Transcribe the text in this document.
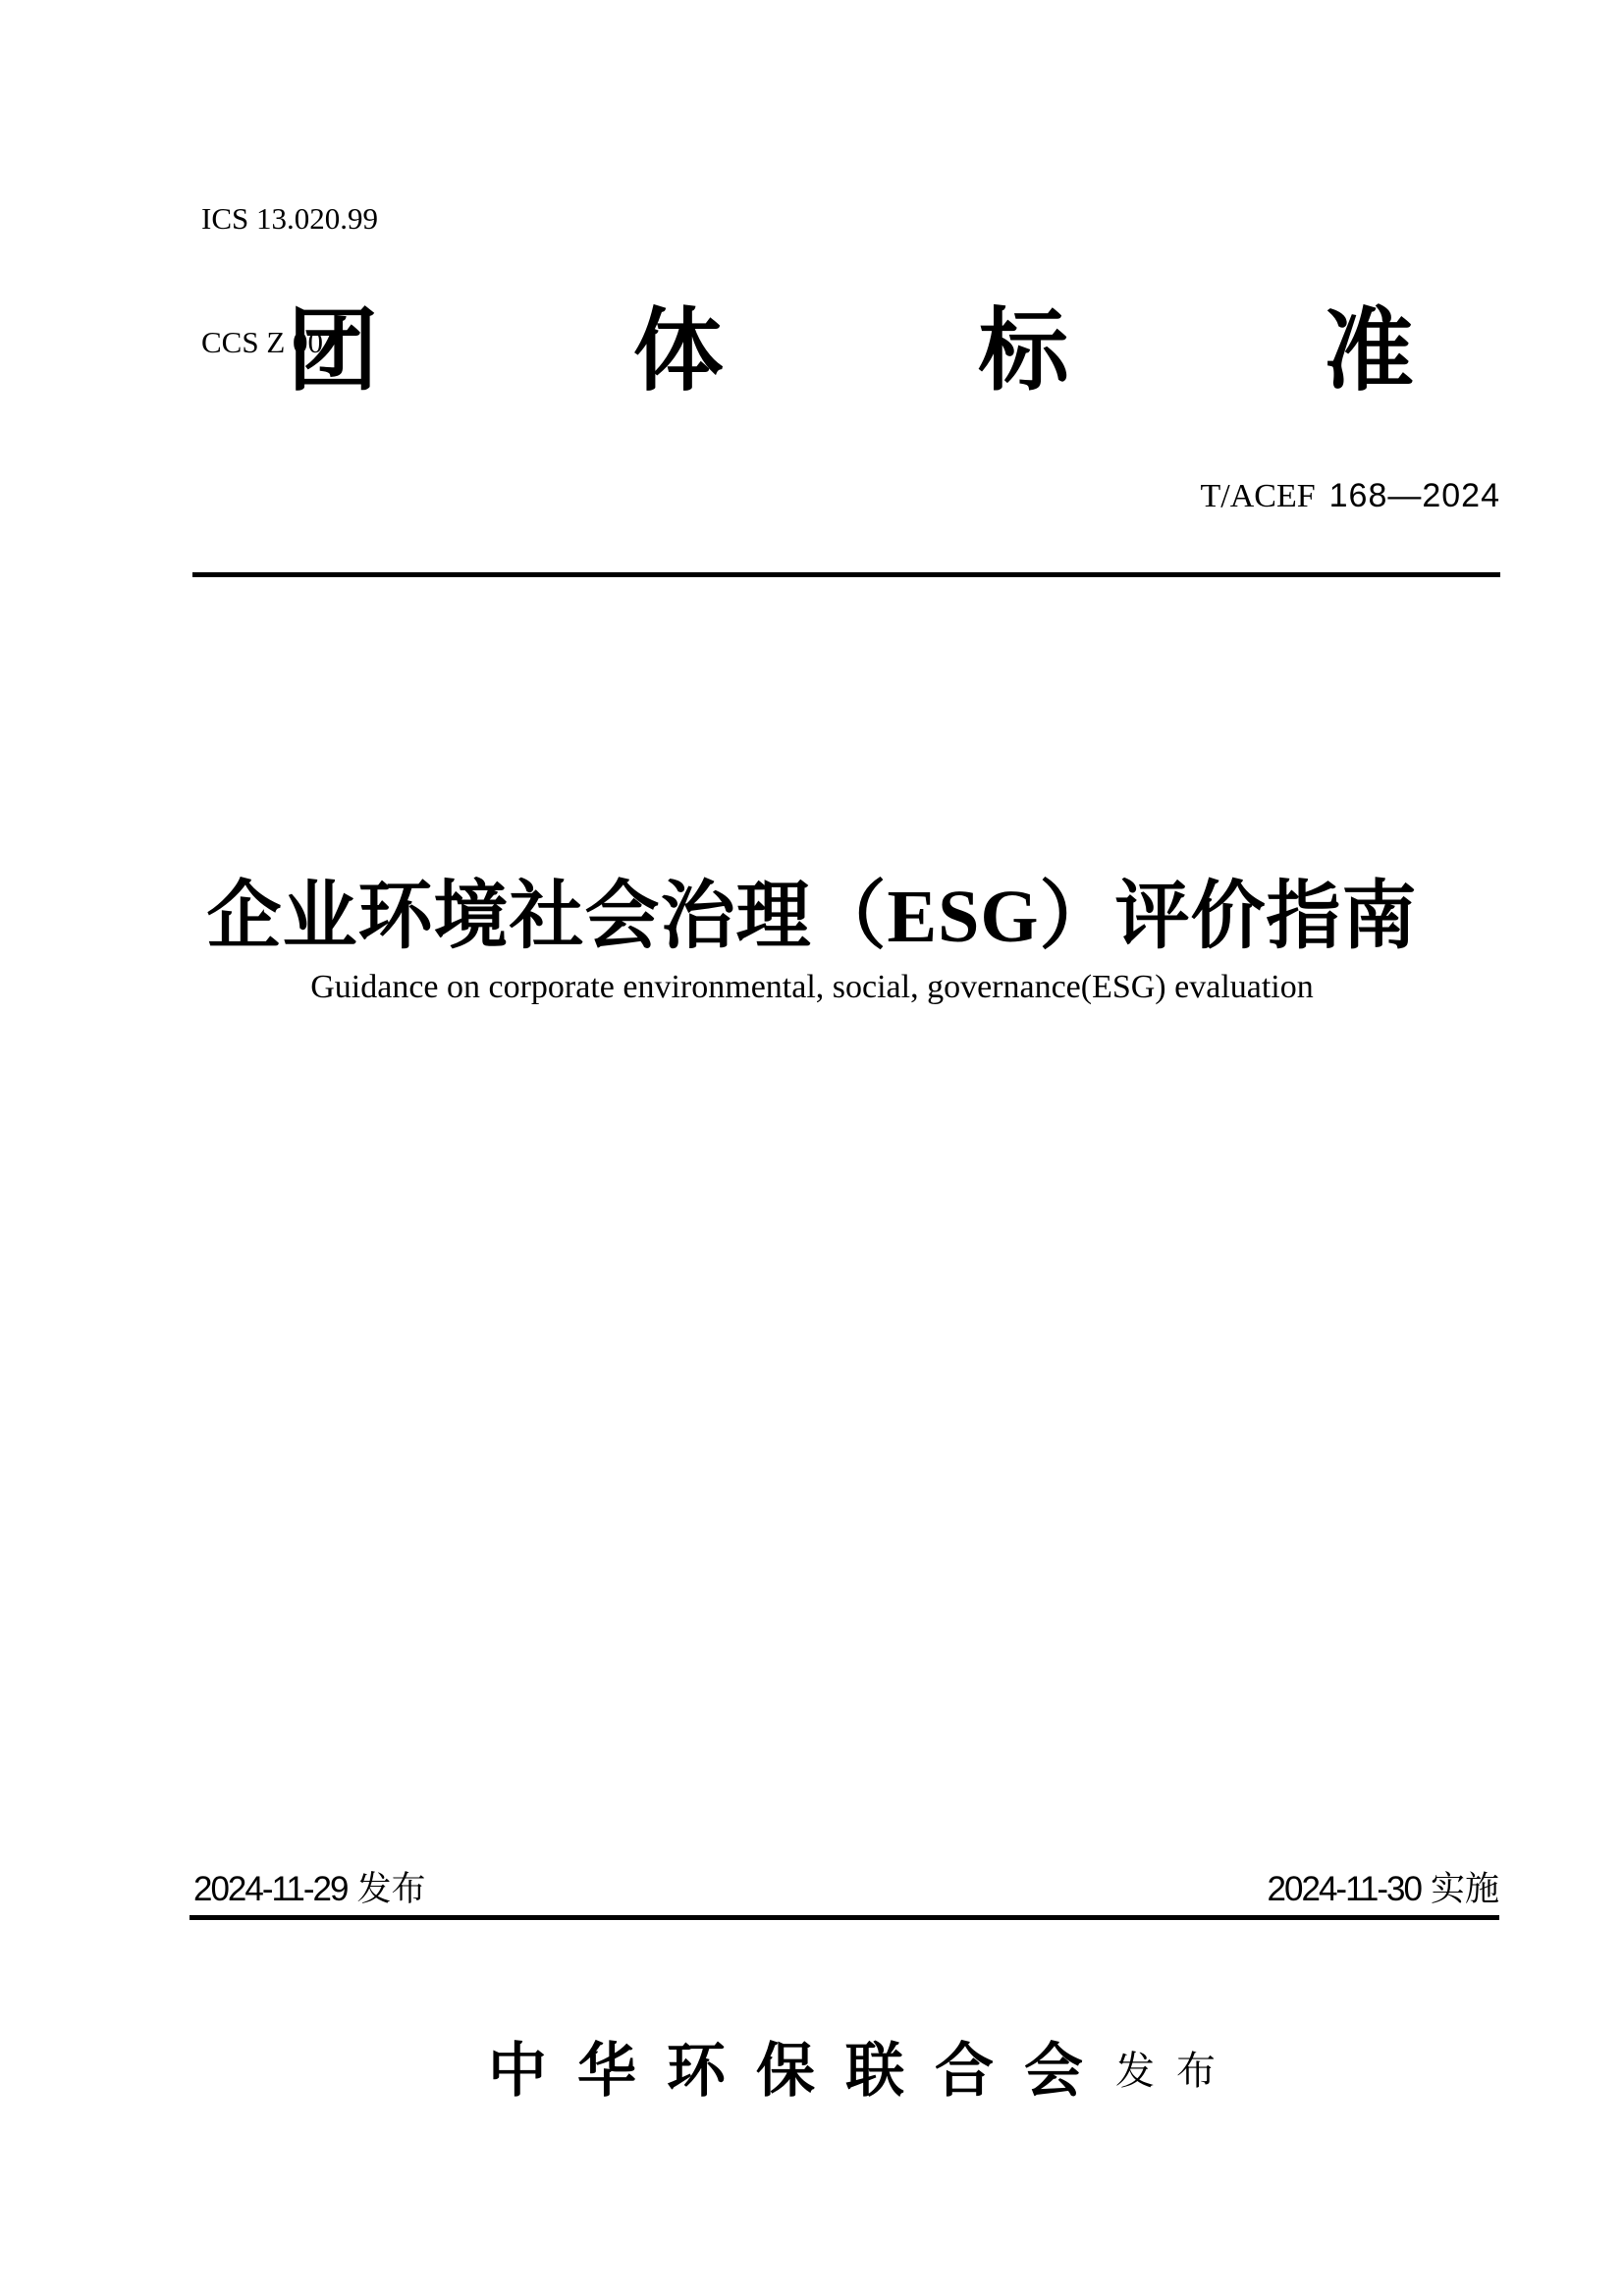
ICS 13.020.99

CCS Z 00

团	体	标	准
T/ACEF 168—2024
企业环境社会治理（ESG）评价指南
Guidance on corporate environmental, social, governance(ESG) evaluation
2024-11-29 发布	2024-11-30 实施
中华环保联合会 发布
